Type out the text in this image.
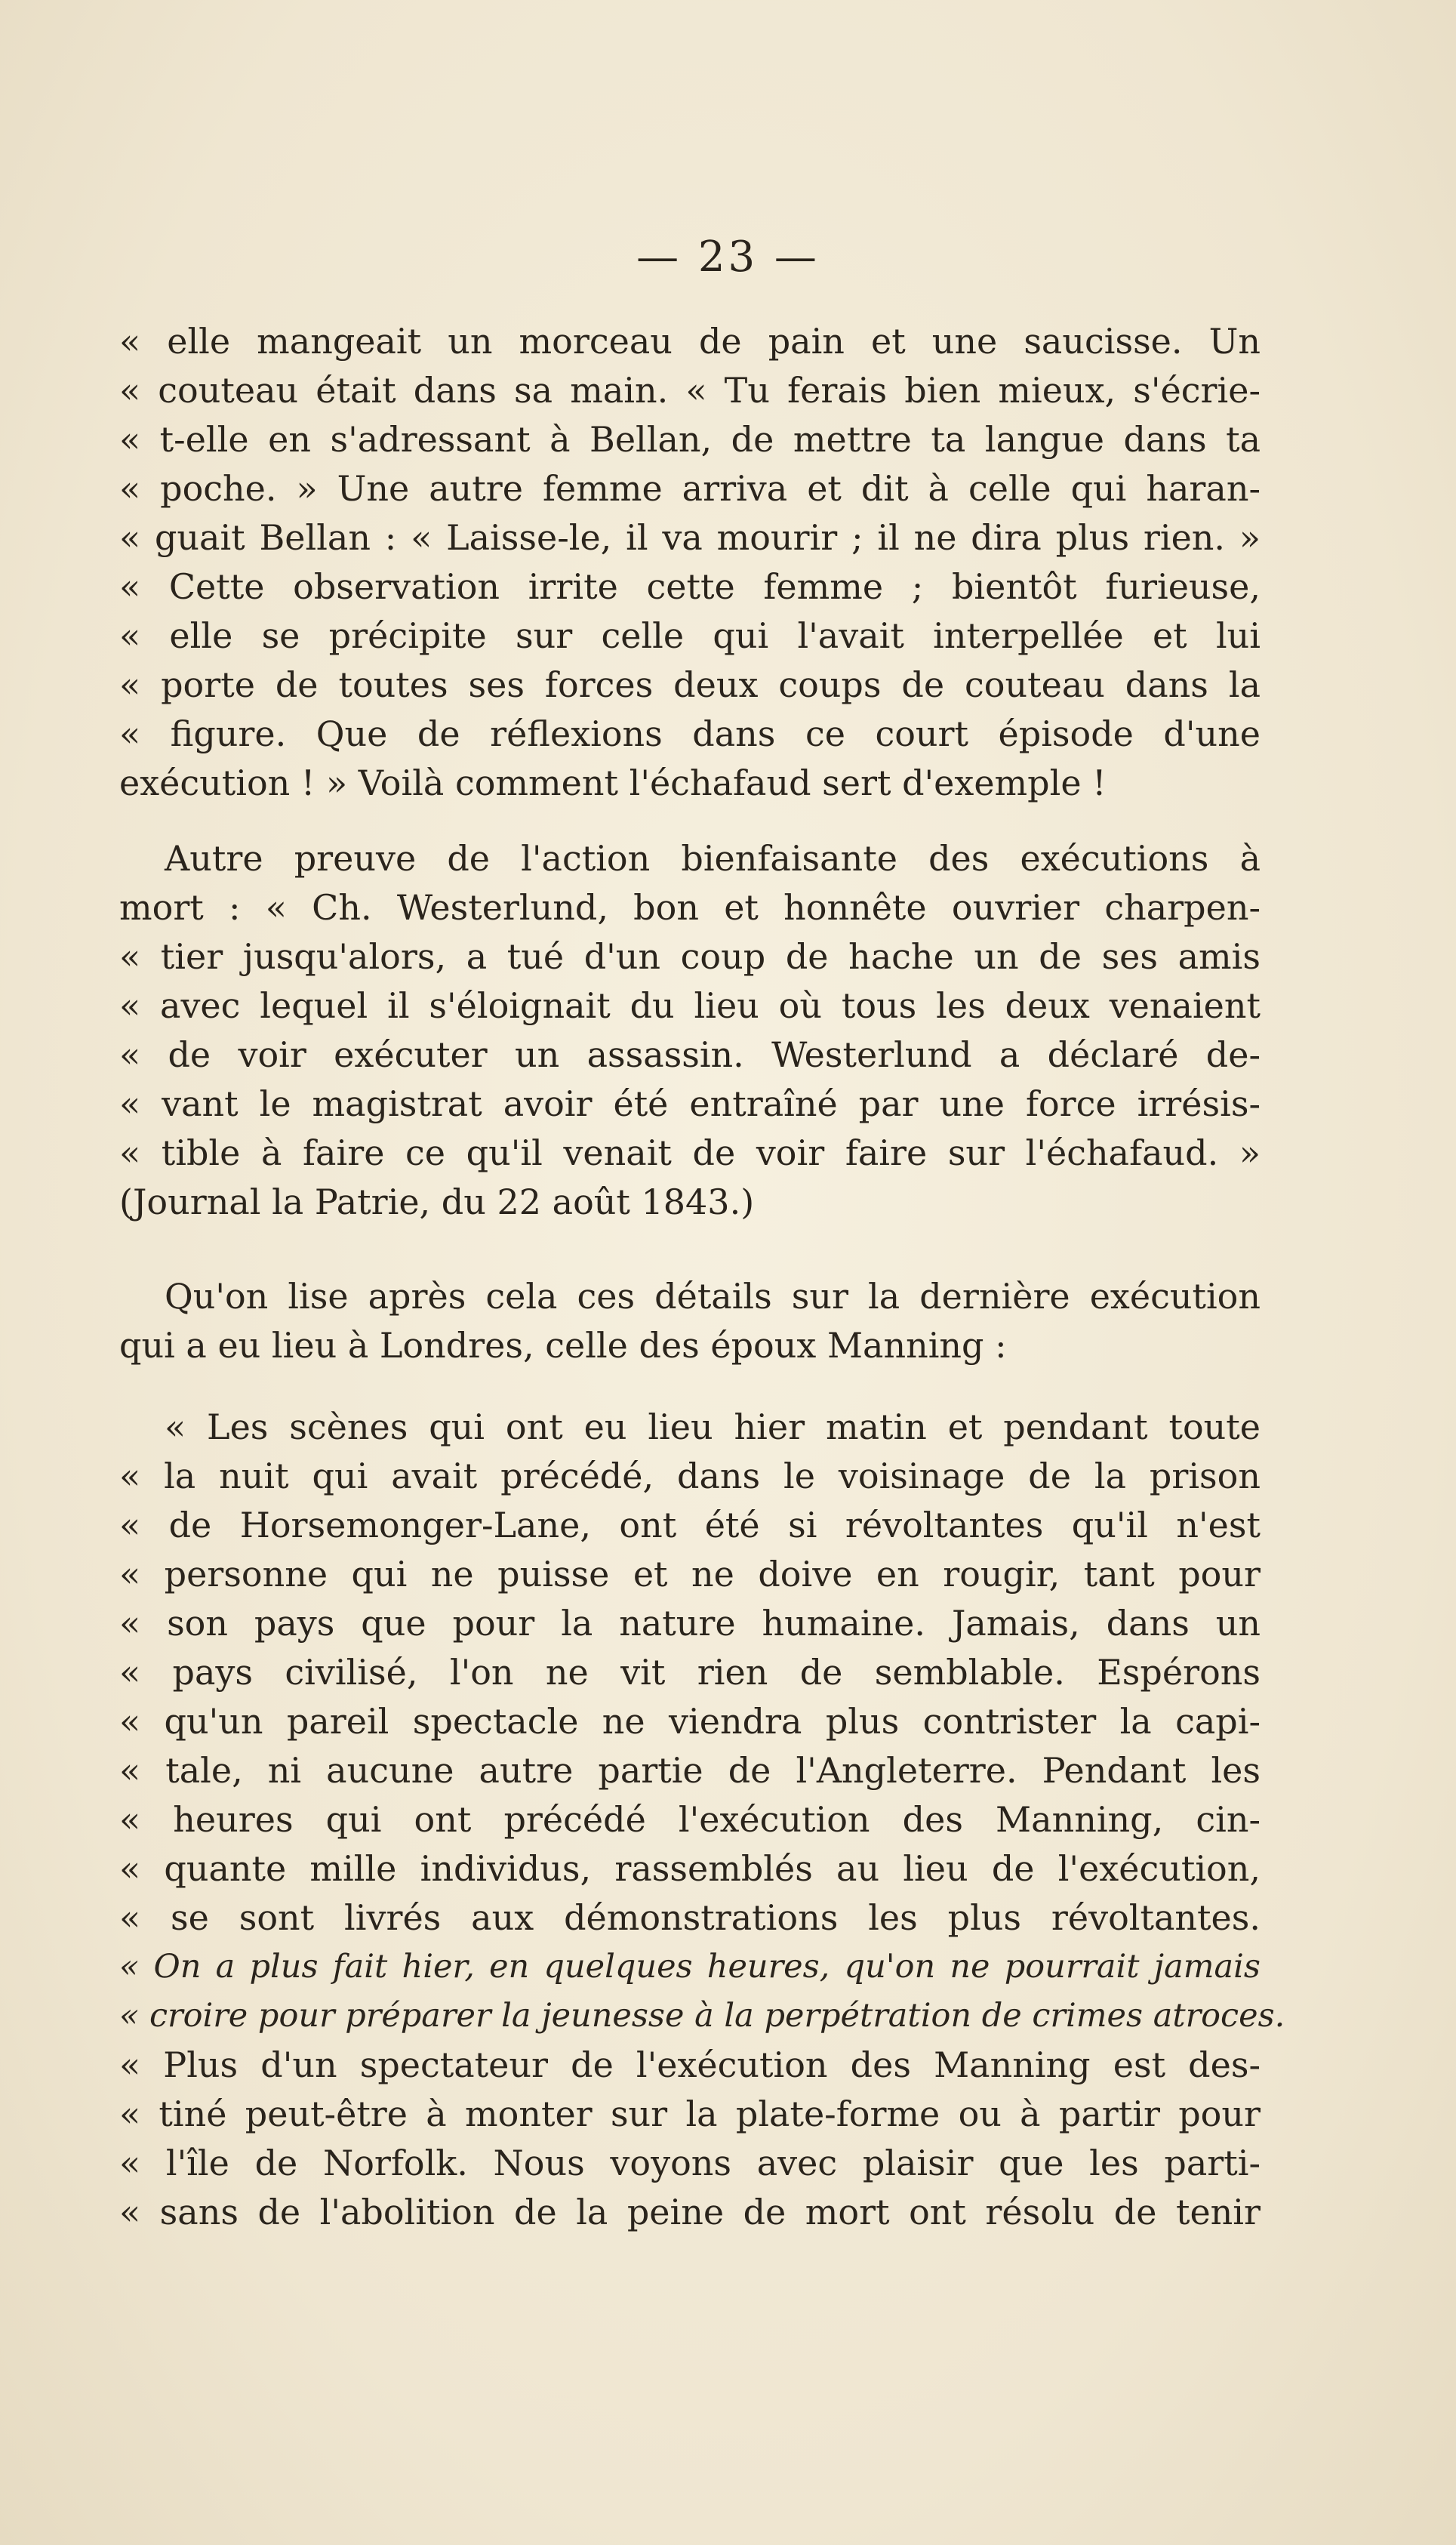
— 23 —
« elle mangeait un morceau de pain et une saucisse. Un
« couteau était dans sa main. « Tu ferais bien mieux, s'écrie-
« t-elle en s'adressant à Bellan, de mettre ta langue dans ta
« poche. » Une autre femme arriva et dit à celle qui haran-
« guait Bellan : « Laisse-le, il va mourir ; il ne dira plus rien. »
« Cette observation irrite cette femme ; bientôt furieuse,
« elle se précipite sur celle qui l'avait interpellée et lui
« porte de toutes ses forces deux coups de couteau dans la
« figure. Que de réflexions dans ce court épisode d'une
exécution ! » Voilà comment l'échafaud sert d'exemple !
Autre preuve de l'action bienfaisante des exécutions à
mort : « Ch. Westerlund, bon et honnête ouvrier charpen-
« tier jusqu'alors, a tué d'un coup de hache un de ses amis
« avec lequel il s'éloignait du lieu où tous les deux venaient
« de voir exécuter un assassin. Westerlund a déclaré de-
« vant le magistrat avoir été entraîné par une force irrésis-
« tible à faire ce qu'il venait de voir faire sur l'échafaud. »
(Journal la Patrie, du 22 août 1843.)
Qu'on lise après cela ces détails sur la dernière exécution
qui a eu lieu à Londres, celle des époux Manning :
« Les scènes qui ont eu lieu hier matin et pendant toute
« la nuit qui avait précédé, dans le voisinage de la prison
« de Horsemonger-Lane, ont été si révoltantes qu'il n'est
« personne qui ne puisse et ne doive en rougir, tant pour
« son pays que pour la nature humaine. Jamais, dans un
« pays civilisé, l'on ne vit rien de semblable. Espérons
« qu'un pareil spectacle ne viendra plus contrister la capi-
« tale, ni aucune autre partie de l'Angleterre. Pendant les
« heures qui ont précédé l'exécution des Manning, cin-
« quante mille individus, rassemblés au lieu de l'exécution,
« se sont livrés aux démonstrations les plus révoltantes.
« On a plus fait hier, en quelques heures, qu'on ne pourrait jamais
« croire pour préparer la jeunesse à la perpétration de crimes atroces.
« Plus d'un spectateur de l'exécution des Manning est des-
« tiné peut-être à monter sur la plate-forme ou à partir pour
« l'île de Norfolk. Nous voyons avec plaisir que les parti-
« sans de l'abolition de la peine de mort ont résolu de tenir
